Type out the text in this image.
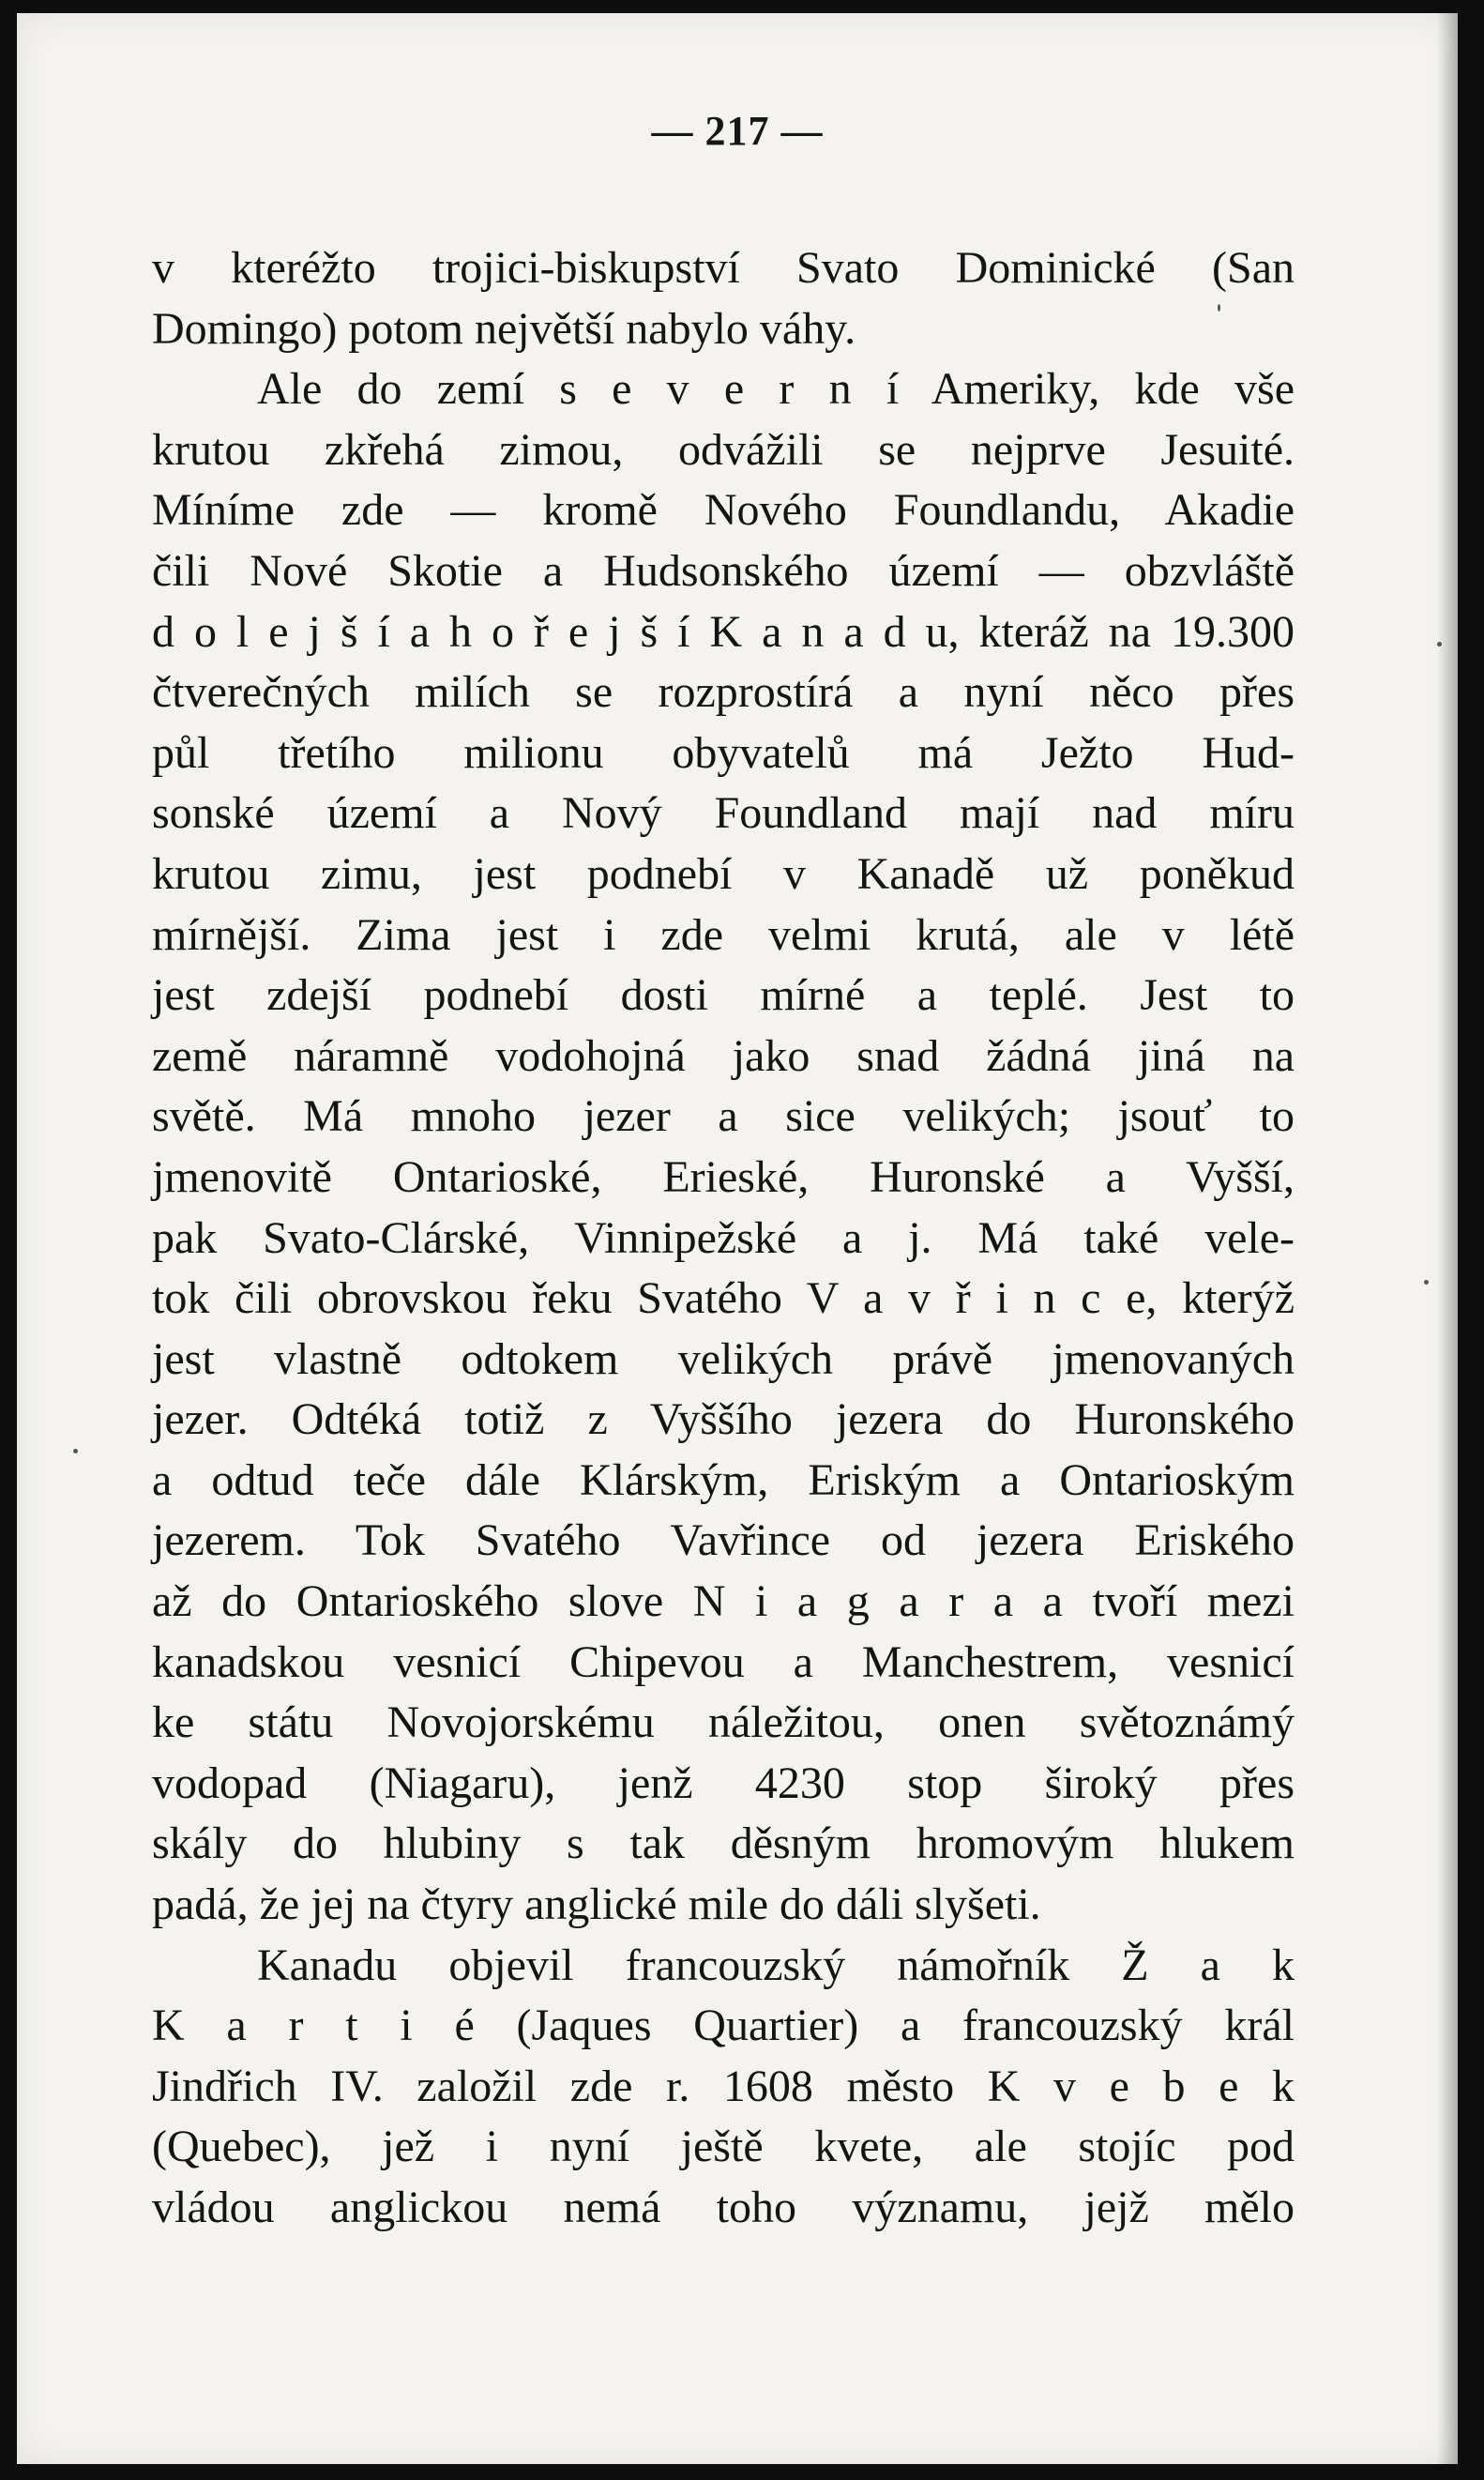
— 217 —
v kteréžto trojici-biskupství Svato Dominické (San
Domingo) potom největší nabylo váhy.
Ale do zemí s e v e r n í Ameriky, kde vše
krutou zkřehá zimou, odvážili se nejprve Jesuité.
Míníme zde — kromě Nového Foundlandu, Akadie
čili Nové Skotie a Hudsonského území — obzvláště
d o l e j š í a h o ř e j š í K a n a d u, kteráž na 19.300
čtverečných milích se rozprostírá a nyní něco přes
půl třetího milionu obyvatelů má Ježto Hud-
sonské území a Nový Foundland mají nad míru
krutou zimu, jest podnebí v Kanadě už poněkud
mírnější. Zima jest i zde velmi krutá, ale v létě
jest zdejší podnebí dosti mírné a teplé. Jest to
země náramně vodohojná jako snad žádná jiná na
světě. Má mnoho jezer a sice velikých; jsouť to
jmenovitě Ontarioské, Erieské, Huronské a Vyšší,
pak Svato-Clárské, Vinnipežské a j. Má také vele-
tok čili obrovskou řeku Svatého V a v ř i n c e, kterýž
jest vlastně odtokem velikých právě jmenovaných
jezer. Odtéká totiž z Vyššího jezera do Huronského
a odtud teče dále Klárským, Eriským a Ontarioským
jezerem. Tok Svatého Vavřince od jezera Eriského
až do Ontarioského slove N i a g a r a a tvoří mezi
kanadskou vesnicí Chipevou a Manchestrem, vesnicí
ke státu Novojorskému náležitou, onen světoznámý
vodopad (Niagaru), jenž 4230 stop široký přes
skály do hlubiny s tak děsným hromovým hlukem
padá, že jej na čtyry anglické mile do dáli slyšeti.
Kanadu objevil francouzský námořník Ž a k
K a r t i é (Jaques Quartier) a francouzský král
Jindřich IV. založil zde r. 1608 město K v e b e k
(Quebec), jež i nyní ještě kvete, ale stojíc pod
vládou anglickou nemá toho významu, jejž mělo
